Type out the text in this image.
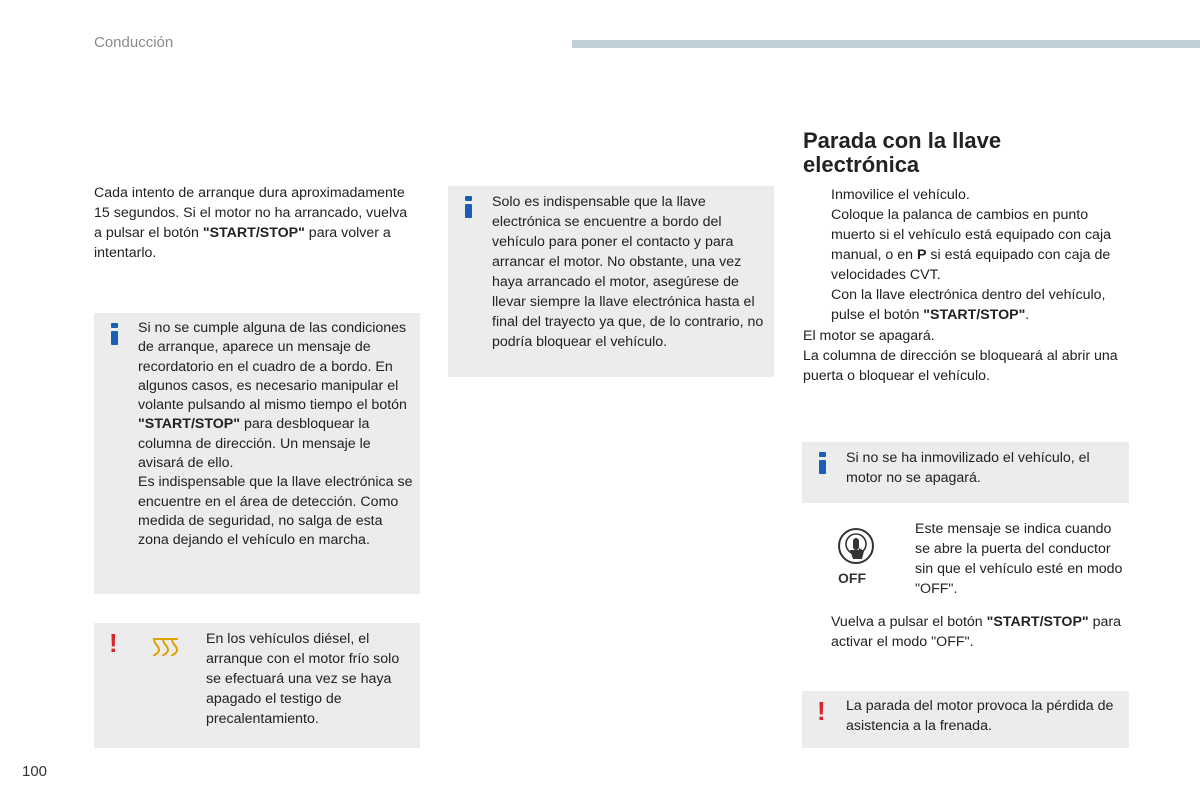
Conducción

Cada intento de arranque dura aproximadamente 15 segundos. Si el motor no ha arrancado, vuelva a pulsar el botón "START/STOP" para volver a intentarlo.

Si no se cumple alguna de las condiciones de arranque, aparece un mensaje de recordatorio en el cuadro de a bordo. En algunos casos, es necesario manipular el volante pulsando al mismo tiempo el botón "START/STOP" para desbloquear la columna de dirección. Un mensaje le avisará de ello.

Es indispensable que la llave electrónica se encuentre en el área de detección. Como medida de seguridad, no salga de esta zona dejando el vehículo en marcha.

!	En los vehículos diésel, el arranque con el motor frío solo se efectuará una vez se haya apagado el testigo de precalentamiento.
Solo es indispensable que la llave electrónica se encuentre a bordo del vehículo para poner el contacto y para arrancar el motor. No obstante, una vez haya arrancado el motor, asegúrese de llevar siempre la llave electrónica hasta el final del trayecto ya que, de lo contrario, no podría bloquear el vehículo.
Parada con la llave electrónica
Inmovilice el vehículo.
Coloque la palanca de cambios en punto muerto si el vehículo está equipado con caja manual, o en P si está equipado con caja de velocidades CVT.
Con la llave electrónica dentro del vehículo, pulse el botón "START/STOP".

El motor se apagará.

La columna de dirección se bloqueará al abrir una puerta o bloquear el vehículo.

Si no se ha inmovilizado el vehículo, el motor no se apagará.
OFF
Este mensaje se indica cuando se abre la puerta del conductor sin que el vehículo esté en modo "OFF".
Vuelva a pulsar el botón "START/STOP" para activar el modo "OFF".
! La parada del motor provoca la pérdida de asistencia a la frenada.
100
